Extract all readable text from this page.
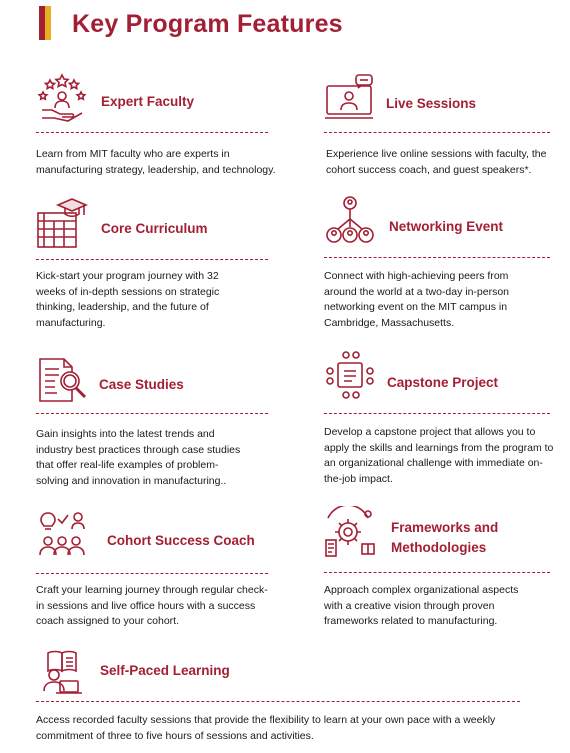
Key Program Features
Expert Faculty

Learn from MIT faculty who are experts in manufacturing strategy, leadership, and technology.

Live Sessions

Experience live online sessions with faculty, the cohort success coach, and guest speakers*.

Core Curriculum

Kick-start your program journey with 32 weeks of in-depth sessions on strategic thinking, leadership, and the future of manufacturing.

Networking Event

Connect with high-achieving peers from around the world at a two-day in-person networking event on the MIT campus in Cambridge, Massachusetts.

Case Studies

Gain insights into the latest trends and industry best practices through case studies that offer real-life examples of problem-solving and innovation in manufacturing..

Capstone Project

Develop a capstone project that allows you to apply the skills and learnings from the program to an organizational challenge with immediate on-the-job impact.

Cohort Success Coach

Craft your learning journey through regular check-in sessions and live office hours with a success coach assigned to your cohort.

Frameworks and
Methodologies

Approach complex organizational aspects with a creative vision through proven frameworks related to manufacturing.

Self-Paced Learning

Access recorded faculty sessions that provide the flexibility to learn at your own pace with a weekly commitment of three to five hours of sessions and activities.
